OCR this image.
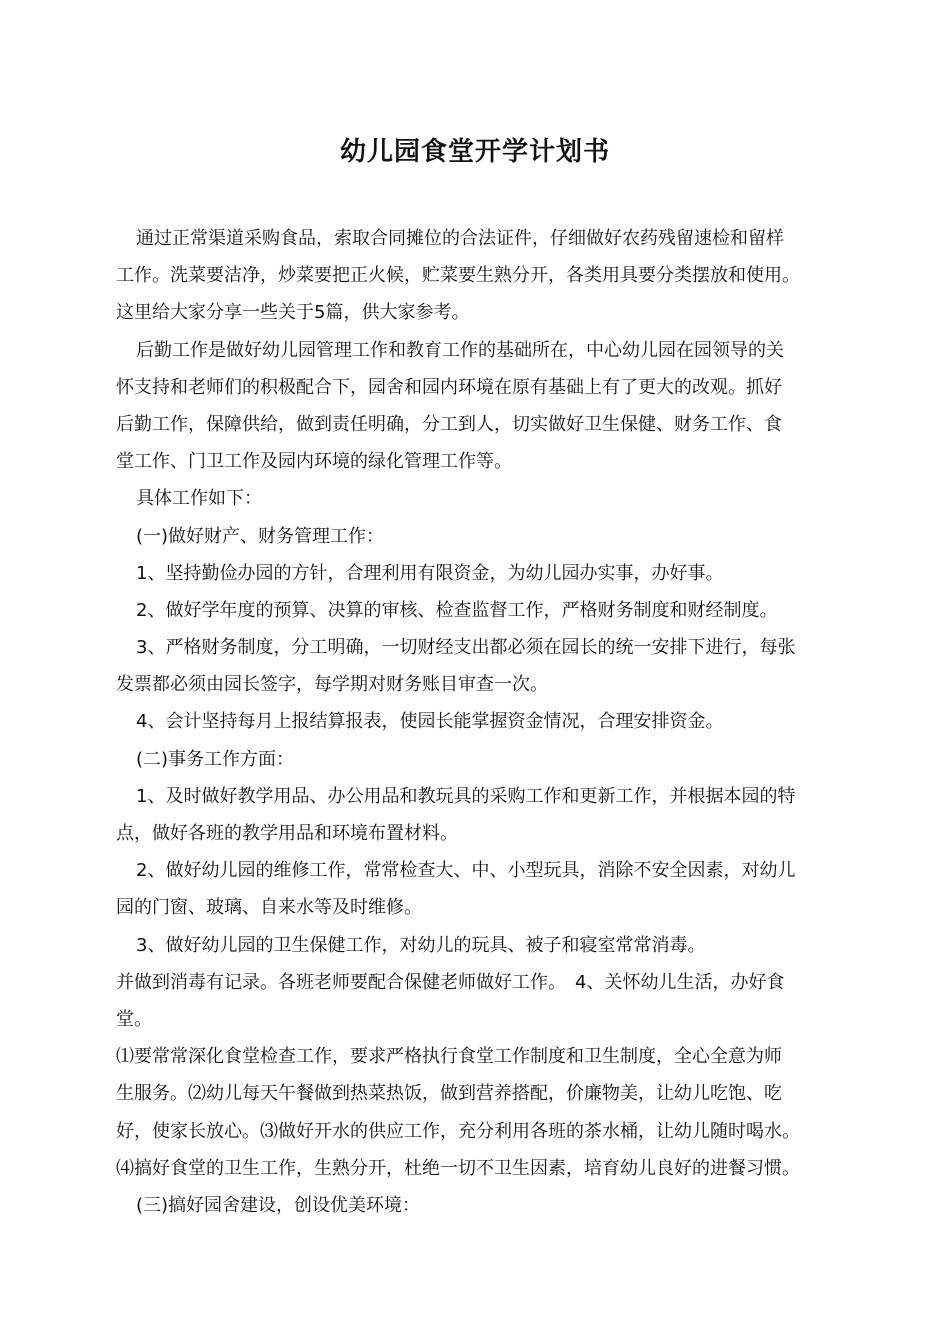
幼儿园食堂开学计划书
通过正常渠道采购食品，索取合同摊位的合法证件，仔细做好农药残留速检和留样
工作。洗菜要洁净，炒菜要把正火候，贮菜要生熟分开，各类用具要分类摆放和使用。
这里给大家分享一些关于5篇，供大家参考。
后勤工作是做好幼儿园管理工作和教育工作的基础所在，中心幼儿园在园领导的关
怀支持和老师们的积极配合下，园舍和园内环境在原有基础上有了更大的改观。抓好
后勤工作，保障供给，做到责任明确，分工到人，切实做好卫生保健、财务工作、食
堂工作、门卫工作及园内环境的绿化管理工作等。
具体工作如下：
(一)做好财产、财务管理工作：
1、坚持勤俭办园的方针，合理利用有限资金，为幼儿园办实事，办好事。
2、做好学年度的预算、决算的审核、检查监督工作，严格财务制度和财经制度。
3、严格财务制度，分工明确，一切财经支出都必须在园长的统一安排下进行，每张
发票都必须由园长签字，每学期对财务账目审查一次。
4、会计坚持每月上报结算报表，使园长能掌握资金情况，合理安排资金。
(二)事务工作方面：
1、及时做好教学用品、办公用品和教玩具的采购工作和更新工作，并根据本园的特
点，做好各班的教学用品和环境布置材料。
2、做好幼儿园的维修工作，常常检查大、中、小型玩具，消除不安全因素，对幼儿
园的门窗、玻璃、自来水等及时维修。
3、做好幼儿园的卫生保健工作，对幼儿的玩具、被子和寝室常常消毒。
并做到消毒有记录。各班老师要配合保健老师做好工作。　4、关怀幼儿生活，办好食
堂。
⑴要常常深化食堂检查工作，要求严格执行食堂工作制度和卫生制度，全心全意为师
生服务。⑵幼儿每天午餐做到热菜热饭，做到营养搭配，价廉物美，让幼儿吃饱、吃
好，使家长放心。⑶做好开水的供应工作，充分利用各班的茶水桶，让幼儿随时喝水。
⑷搞好食堂的卫生工作，生熟分开，杜绝一切不卫生因素，培育幼儿良好的进餐习惯。
(三)搞好园舍建设，创设优美环境：
